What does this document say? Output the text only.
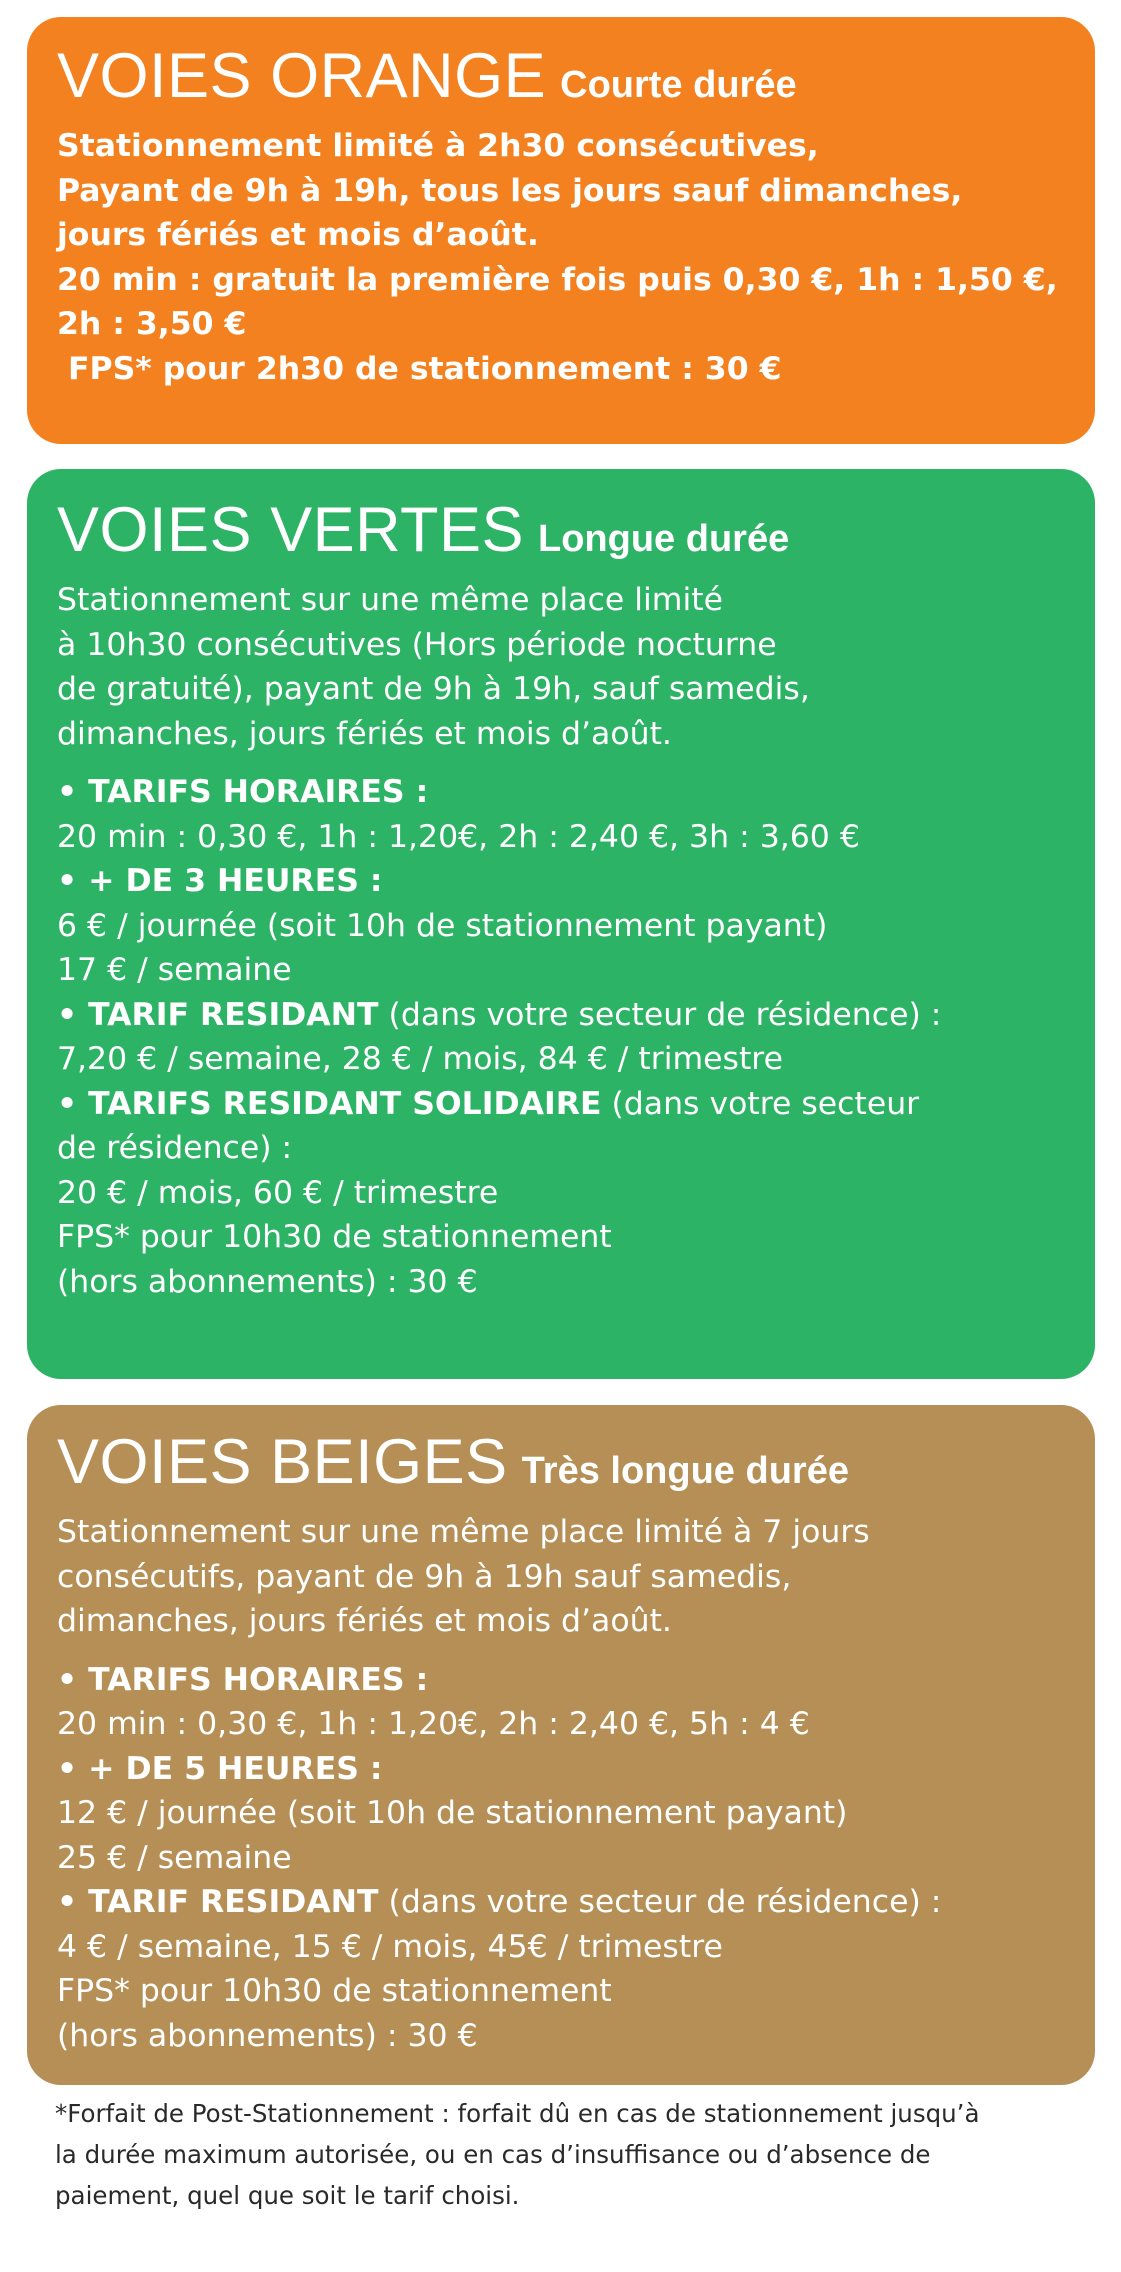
VOIES ORANGE Courte durée
Stationnement limité à 2h30 consécutives,
Payant de 9h à 19h, tous les jours sauf dimanches,
jours fériés et mois d’août.
20 min : gratuit la première fois puis 0,30 €, 1h : 1,50 €,
2h : 3,50 €
FPS* pour 2h30 de stationnement : 30 €
VOIES VERTES Longue durée
Stationnement sur une même place limité
à 10h30 consécutives (Hors période nocturne
de gratuité), payant de 9h à 19h, sauf samedis,
dimanches, jours fériés et mois d’août.
• TARIFS HORAIRES :
20 min : 0,30 €, 1h : 1,20€, 2h : 2,40 €, 3h : 3,60 €
• + DE 3 HEURES :
6 € / journée (soit 10h de stationnement payant)
17 € / semaine
• TARIF RESIDANT (dans votre secteur de résidence) :
7,20 € / semaine, 28 € / mois, 84 € / trimestre
• TARIFS RESIDANT SOLIDAIRE (dans votre secteur
de résidence) :
20 € / mois, 60 € / trimestre
FPS* pour 10h30 de stationnement
(hors abonnements) : 30 €
VOIES BEIGES Très longue durée
Stationnement sur une même place limité à 7 jours
consécutifs, payant de 9h à 19h sauf samedis,
dimanches, jours fériés et mois d’août.
• TARIFS HORAIRES :
20 min : 0,30 €, 1h : 1,20€, 2h : 2,40 €, 5h : 4 €
• + DE 5 HEURES :
12 € / journée (soit 10h de stationnement payant)
25 € / semaine
• TARIF RESIDANT (dans votre secteur de résidence) :
4 € / semaine, 15 € / mois, 45€ / trimestre
FPS* pour 10h30 de stationnement
(hors abonnements) : 30 €
*Forfait de Post-Stationnement : forfait dû en cas de stationnement jusqu’à
la durée maximum autorisée, ou en cas d’insuffisance ou d’absence de
paiement, quel que soit le tarif choisi.
